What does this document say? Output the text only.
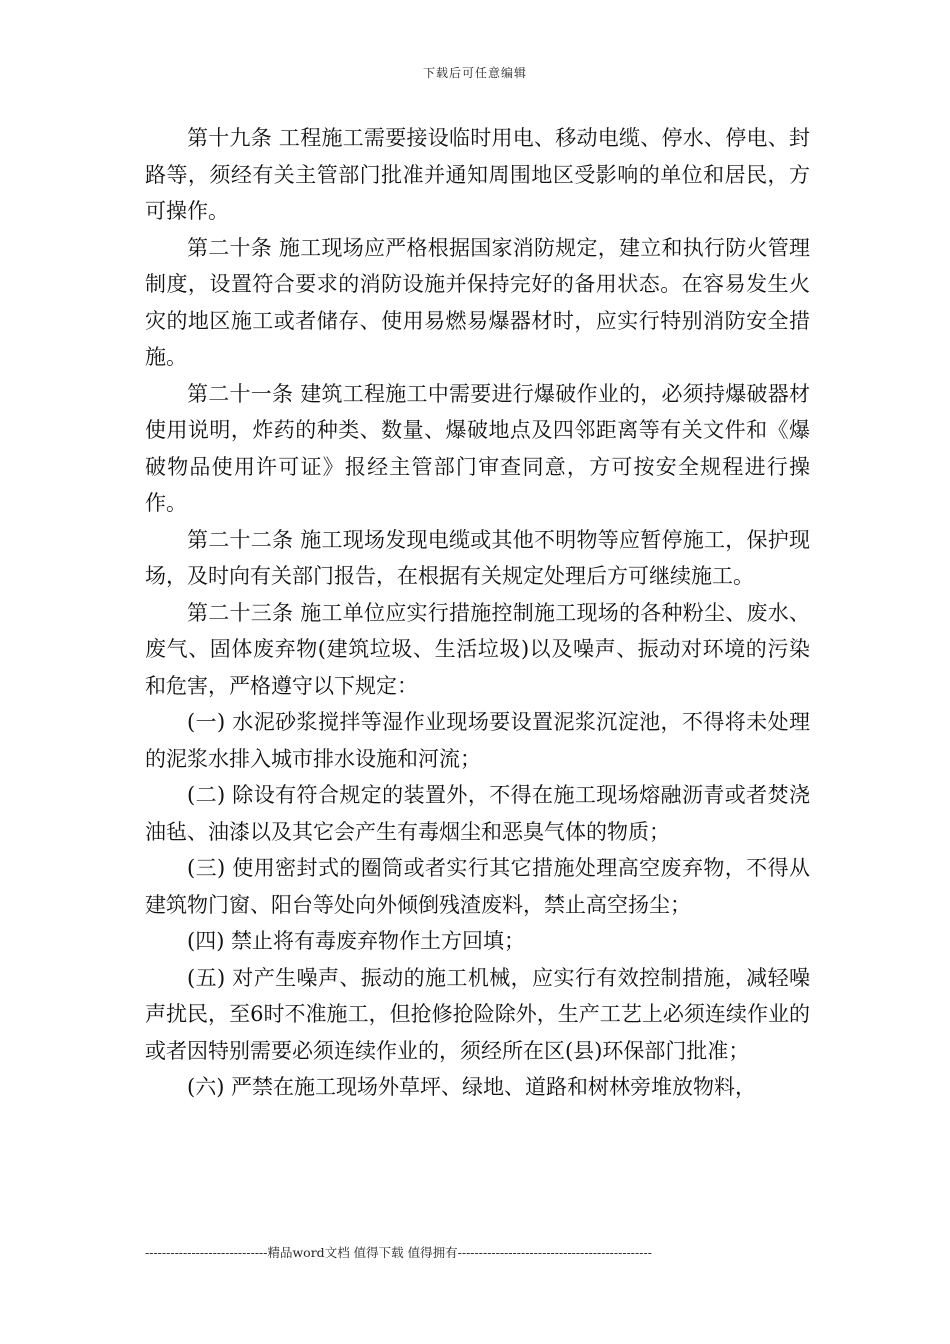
下载后可任意编辑

第十九条 工程施工需要接设临时用电、移动电缆、停水、停电、封路等，须经有关主管部门批准并通知周围地区受影响的单位和居民，方可操作。

第二十条 施工现场应严格根据国家消防规定，建立和执行防火管理制度，设置符合要求的消防设施并保持完好的备用状态。在容易发生火灾的地区施工或者储存、使用易燃易爆器材时，应实行特别消防安全措施。

第二十一条 建筑工程施工中需要进行爆破作业的，必须持爆破器材使用说明，炸药的种类、数量、爆破地点及四邻距离等有关文件和《爆破物品使用许可证》报经主管部门审查同意，方可按安全规程进行操作。

第二十二条 施工现场发现电缆或其他不明物等应暂停施工，保护现场，及时向有关部门报告，在根据有关规定处理后方可继续施工。

第二十三条 施工单位应实行措施控制施工现场的各种粉尘、废水、废气、固体废弃物(建筑垃圾、生活垃圾)以及噪声、振动对环境的污染和危害，严格遵守以下规定：

(一) 水泥砂浆搅拌等湿作业现场要设置泥浆沉淀池，不得将未处理的泥浆水排入城市排水设施和河流；

(二) 除设有符合规定的装置外，不得在施工现场熔融沥青或者焚浇油毡、油漆以及其它会产生有毒烟尘和恶臭气体的物质；

(三) 使用密封式的圈筒或者实行其它措施处理高空废弃物，不得从建筑物门窗、阳台等处向外倾倒残渣废料，禁止高空扬尘；

(四) 禁止将有毒废弃物作土方回填；

(五) 对产生噪声、振动的施工机械，应实行有效控制措施，减轻噪声扰民，至6时不准施工，但抢修抢险除外，生产工艺上必须连续作业的或者因特别需要必须连续作业的，须经所在区(县)环保部门批准；

(六) 严禁在施工现场外草坪、绿地、道路和树林旁堆放物料，

-----------------------------精品word文档 值得下载 值得拥有----------------------------------------------
